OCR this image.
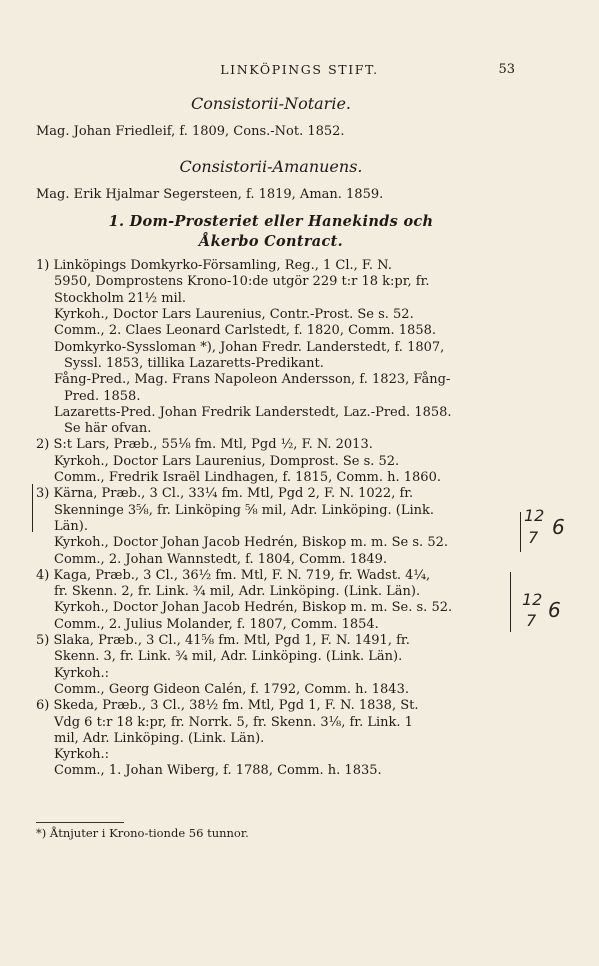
LINKÖPINGS STIFT.	53
Consistorii-Notarie.
Mag. Johan Friedleif, f. 1809, Cons.-Not. 1852.
Consistorii-Amanuens.
Mag. Erik Hjalmar Segersteen, f. 1819, Aman. 1859.
1. Dom-Prosteriet eller Hanekinds och
Åkerbo Contract.
1) Linköpings Domkyrko-Församling, Reg., 1 Cl., F. N.
5950, Domprostens Krono-10:de utgör 229 t:r 18 k:pr, fr.
Stockholm 21½ mil.
Kyrkoh., Doctor Lars Laurenius, Contr.-Prost. Se s. 52.
Comm., 2. Claes Leonard Carlstedt, f. 1820, Comm. 1858.
Domkyrko-Syssloman *), Johan Fredr. Landerstedt, f. 1807,
Syssl. 1853, tillika Lazaretts-Predikant.
Fång-Pred., Mag. Frans Napoleon Andersson, f. 1823, Fång-
Pred. 1858.
Lazaretts-Pred. Johan Fredrik Landerstedt, Laz.-Pred. 1858.
Se här ofvan.
2) S:t Lars, Præb., 55⅛ fm. Mtl, Pgd ½, F. N. 2013.
Kyrkoh., Doctor Lars Laurenius, Domprost. Se s. 52.
Comm., Fredrik Israël Lindhagen, f. 1815, Comm. h. 1860.
3) Kärna, Præb., 3 Cl., 33¼ fm. Mtl, Pgd 2, F. N. 1022, fr.
Skenninge 3⅝, fr. Linköping ⅝ mil, Adr. Linköping. (Link.
Län).
Kyrkoh., Doctor Johan Jacob Hedrén, Biskop m. m. Se s. 52.
Comm., 2. Johan Wannstedt, f. 1804, Comm. 1849.
4) Kaga, Præb., 3 Cl., 36½ fm. Mtl, F. N. 719, fr. Wadst. 4¼,
fr. Skenn. 2, fr. Link. ¾ mil, Adr. Linköping. (Link. Län).
Kyrkoh., Doctor Johan Jacob Hedrén, Biskop m. m. Se. s. 52.
Comm., 2. Julius Molander, f. 1807, Comm. 1854.
5) Slaka, Præb., 3 Cl., 41⅝ fm. Mtl, Pgd 1, F. N. 1491, fr.
Skenn. 3, fr. Link. ¾ mil, Adr. Linköping. (Link. Län).
Kyrkoh.:
Comm., Georg Gideon Calén, f. 1792, Comm. h. 1843.
6) Skeda, Præb., 3 Cl., 38½ fm. Mtl, Pgd 1, F. N. 1838, St.
Vdg 6 t:r 18 k:pr, fr. Norrk. 5, fr. Skenn. 3⅛, fr. Link. 1
mil, Adr. Linköping. (Link. Län).
Kyrkoh.:
Comm., 1. Johan Wiberg, f. 1788, Comm. h. 1835.
12
7 6
12
7 6
*) Åtnjuter i Krono-tionde 56 tunnor.
